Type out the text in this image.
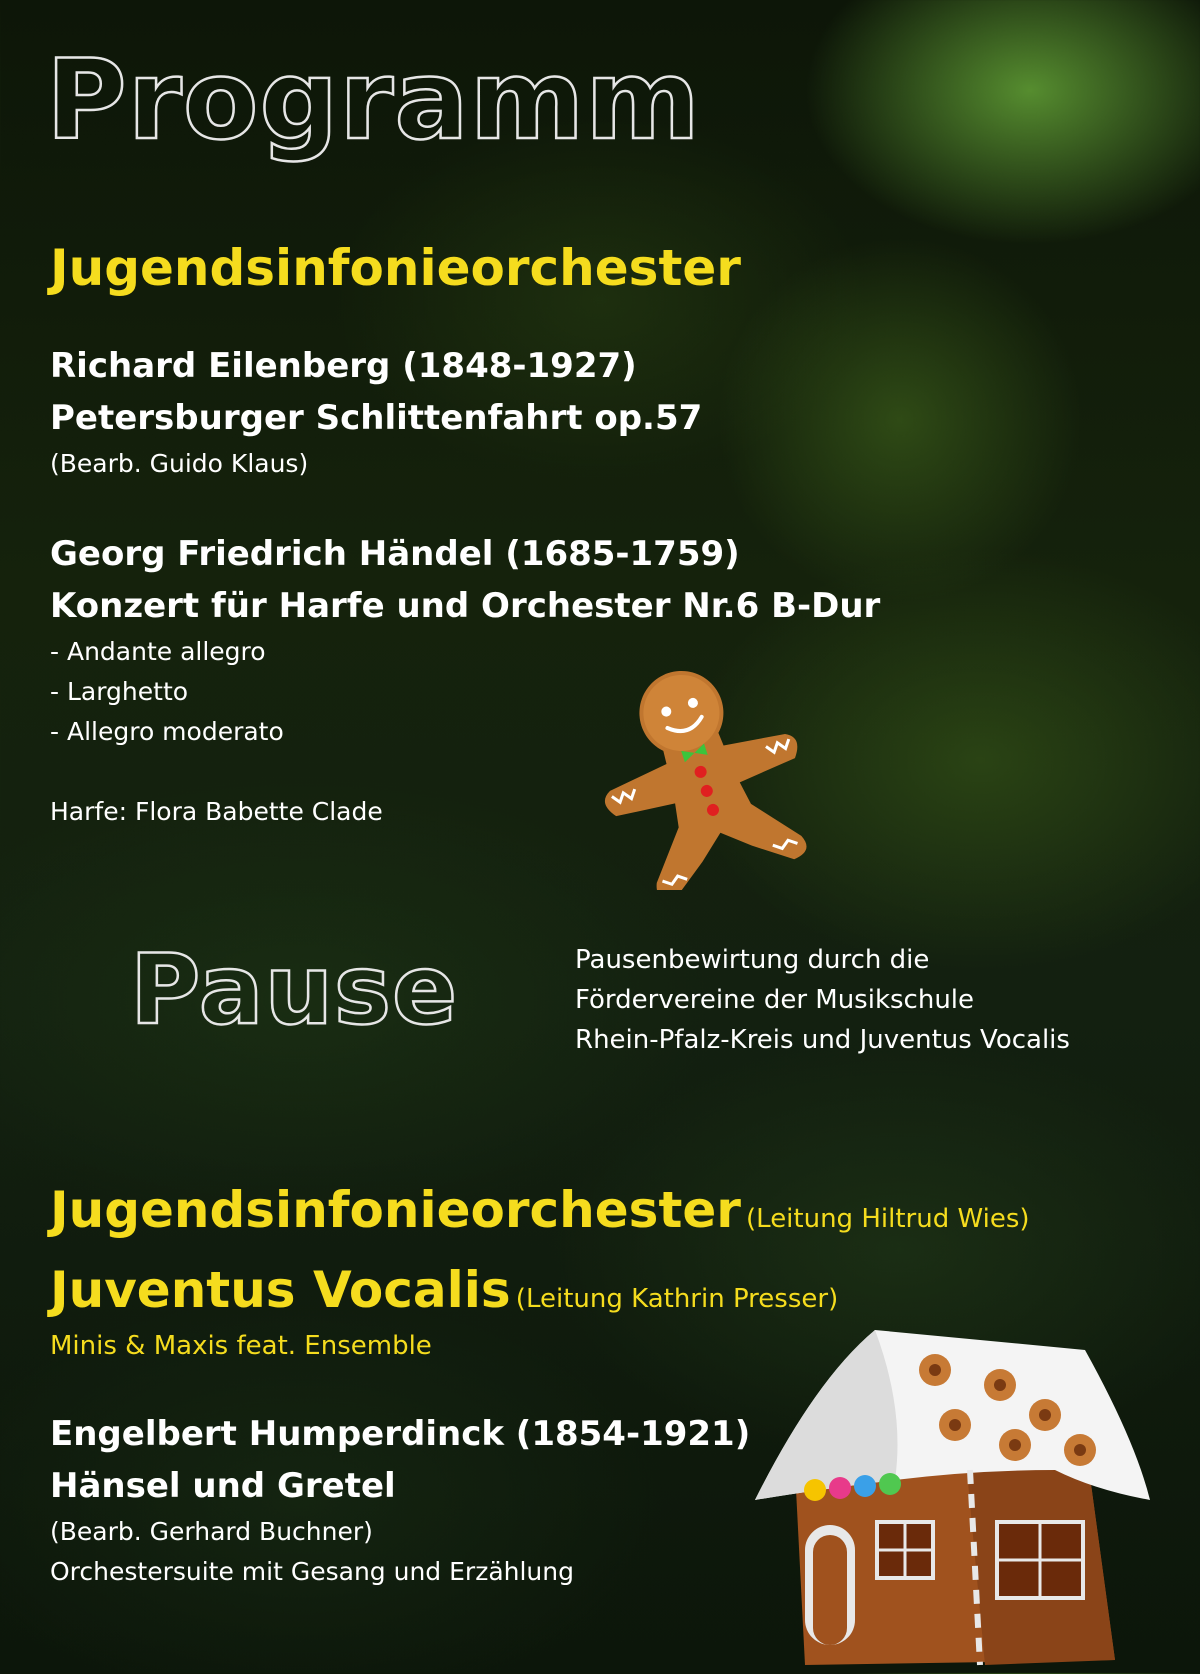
Programm
Jugendsinfonieorchester
Richard Eilenberg (1848-1927)
Petersburger Schlittenfahrt op.57
(Bearb. Guido Klaus)
Georg Friedrich Händel (1685-1759)
Konzert für Harfe und Orchester Nr.6 B-Dur
- Andante allegro
- Larghetto
- Allegro moderato
Harfe: Flora Babette Clade
Pause	Pausenbewirtung durch die
Fördervereine der Musikschule
Rhein-Pfalz-Kreis und Juventus Vocalis
Jugendsinfonieorchester (Leitung Hiltrud Wies)
Juventus Vocalis (Leitung Kathrin Presser)
Minis & Maxis feat. Ensemble
Engelbert Humperdinck (1854-1921)
Hänsel und Gretel
(Bearb. Gerhard Buchner)
Orchestersuite mit Gesang und Erzählung
